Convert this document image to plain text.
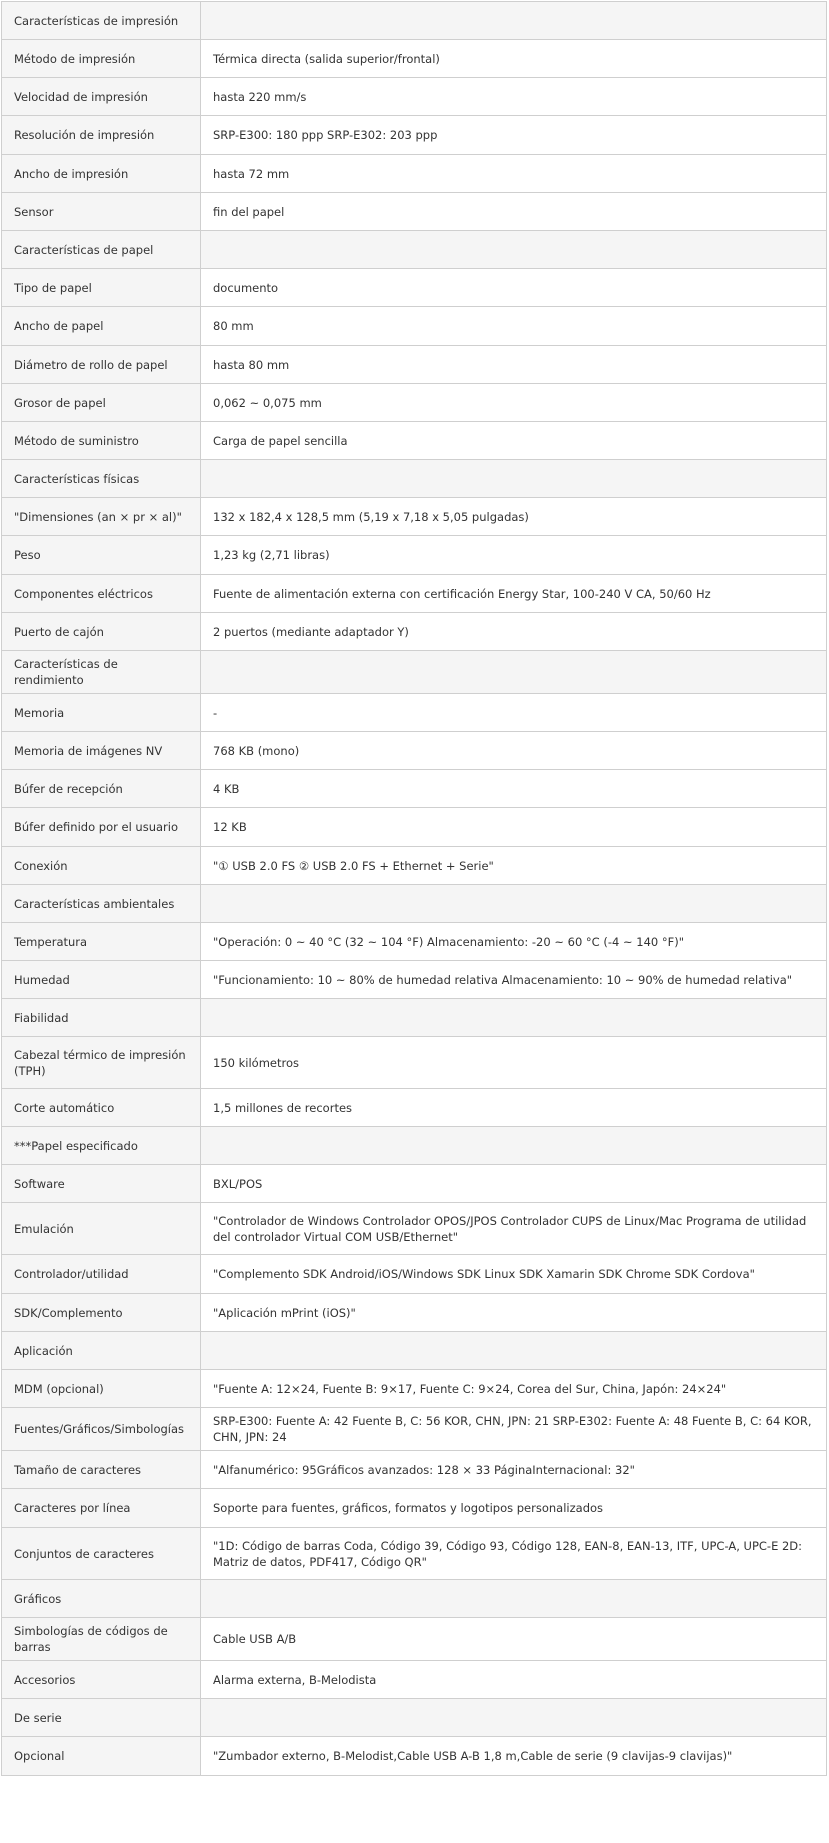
Características de impresión	
Método de impresión	Térmica directa (salida superior/frontal)
Velocidad de impresión	hasta 220 mm/s
Resolución de impresión	SRP-E300: 180 ppp SRP-E302: 203 ppp
Ancho de impresión	hasta 72 mm
Sensor	fin del papel
Características de papel	
Tipo de papel	documento
Ancho de papel	80 mm
Diámetro de rollo de papel	hasta 80 mm
Grosor de papel	0,062 ~ 0,075 mm
Método de suministro	Carga de papel sencilla
Características físicas	
"Dimensiones (an × pr × al)"	132 x 182,4 x 128,5 mm (5,19 x 7,18 x 5,05 pulgadas)
Peso	1,23 kg (2,71 libras)
Componentes eléctricos	Fuente de alimentación externa con certificación Energy Star, 100-240 V CA, 50/60 Hz
Puerto de cajón	2 puertos (mediante adaptador Y)
Características de rendimiento	
Memoria	-
Memoria de imágenes NV	768 KB (mono)
Búfer de recepción	4 KB
Búfer definido por el usuario	12 KB
Conexión	"① USB 2.0 FS ② USB 2.0 FS + Ethernet + Serie"
Características ambientales	
Temperatura	"Operación: 0 ~ 40 °C (32 ~ 104 °F) Almacenamiento: -20 ~ 60 °C (-4 ~ 140 °F)"
Humedad	"Funcionamiento: 10 ~ 80% de humedad relativa Almacenamiento: 10 ~ 90% de humedad relativa"
Fiabilidad	
Cabezal térmico de impresión (TPH)	150 kilómetros
Corte automático	1,5 millones de recortes
***Papel especificado	
Software	BXL/POS
Emulación	"Controlador de Windows Controlador OPOS/JPOS Controlador CUPS de Linux/Mac Programa de utilidad del controlador Virtual COM USB/Ethernet"
Controlador/utilidad	"Complemento SDK Android/iOS/Windows SDK Linux SDK Xamarin SDK Chrome SDK Cordova"
SDK/Complemento	"Aplicación mPrint (iOS)"
Aplicación	
MDM (opcional)	"Fuente A: 12×24, Fuente B: 9×17, Fuente C: 9×24, Corea del Sur, China, Japón: 24×24"
Fuentes/Gráficos/Simbologías	SRP-E300: Fuente A: 42 Fuente B, C: 56 KOR, CHN, JPN: 21 SRP-E302: Fuente A: 48 Fuente B, C: 64 KOR, CHN, JPN: 24
Tamaño de caracteres	"Alfanumérico: 95Gráficos avanzados: 128 × 33 PáginaInternacional: 32"
Caracteres por línea	Soporte para fuentes, gráficos, formatos y logotipos personalizados
Conjuntos de caracteres	"1D: Código de barras Coda, Código 39, Código 93, Código 128, EAN-8, EAN-13, ITF, UPC-A, UPC-E 2D: Matriz de datos, PDF417, Código QR"
Gráficos	
Simbologías de códigos de barras	Cable USB A/B
Accesorios	Alarma externa, B-Melodista
De serie	
Opcional	"Zumbador externo, B-Melodist,Cable USB A-B 1,8 m,Cable de serie (9 clavijas-9 clavijas)"
